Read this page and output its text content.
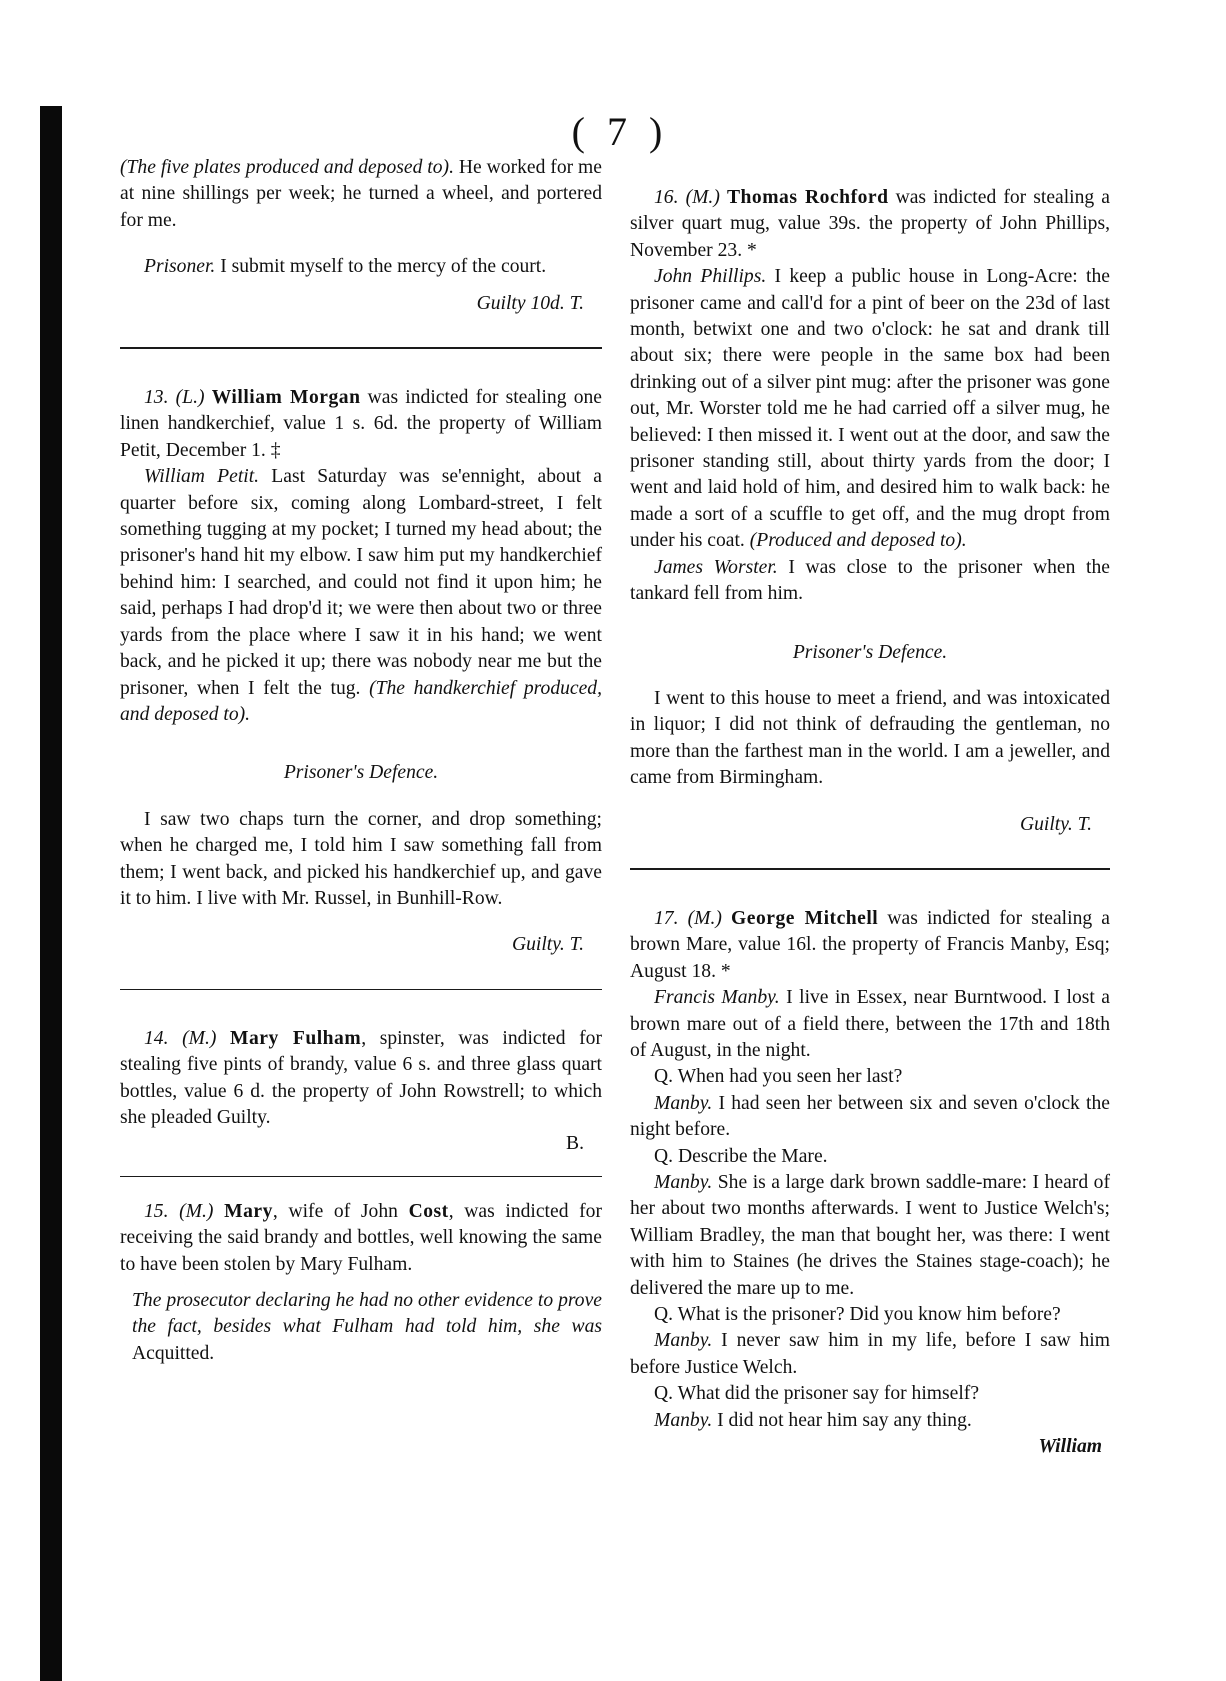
( 7 )

(The five plates produced and deposed to). He worked for me at nine shillings per week; he turned a wheel, and portered for me.

Prisoner. I submit myself to the mercy of the court.

Guilty 10d. T.

13. (L.) William Morgan was indicted for stealing one linen handkerchief, value 1 s. 6d. the property of William Petit, December 1. ‡

William Petit. Last Saturday was se'ennight, about a quarter before six, coming along Lombard-street, I felt something tugging at my pocket; I turned my head about; the prisoner's hand hit my elbow. I saw him put my handkerchief behind him: I searched, and could not find it upon him; he said, perhaps I had drop'd it; we were then about two or three yards from the place where I saw it in his hand; we went back, and he picked it up; there was nobody near me but the prisoner, when I felt the tug. (The handkerchief produced, and deposed to).

Prisoner's Defence.

I saw two chaps turn the corner, and drop something; when he charged me, I told him I saw something fall from them; I went back, and picked his handkerchief up, and gave it to him. I live with Mr. Russel, in Bunhill-Row.

Guilty. T.

14. (M.) Mary Fulham, spinster, was indicted for stealing five pints of brandy, value 6 s. and three glass quart bottles, value 6 d. the property of John Rowstrell; to which she pleaded Guilty.

B.

15. (M.) Mary, wife of John Cost, was indicted for receiving the said brandy and bottles, well knowing the same to have been stolen by Mary Fulham.

The prosecutor declaring he had no other evidence to prove the fact, besides what Fulham had told him, she was Acquitted.

16. (M.) Thomas Rochford was indicted for stealing a silver quart mug, value 39s. the property of John Phillips, November 23. *

John Phillips. I keep a public house in Long-Acre: the prisoner came and call'd for a pint of beer on the 23d of last month, betwixt one and two o'clock: he sat and drank till about six; there were people in the same box had been drinking out of a silver pint mug: after the prisoner was gone out, Mr. Worster told me he had carried off a silver mug, he believed: I then missed it. I went out at the door, and saw the prisoner standing still, about thirty yards from the door; I went and laid hold of him, and desired him to walk back: he made a sort of a scuffle to get off, and the mug dropt from under his coat. (Produced and deposed to).

James Worster. I was close to the prisoner when the tankard fell from him.

Prisoner's Defence.

I went to this house to meet a friend, and was intoxicated in liquor; I did not think of defrauding the gentleman, no more than the farthest man in the world. I am a jeweller, and came from Birmingham.

Guilty. T.

17. (M.) George Mitchell was indicted for stealing a brown Mare, value 16l. the property of Francis Manby, Esq; August 18. *

Francis Manby. I live in Essex, near Burntwood. I lost a brown mare out of a field there, between the 17th and 18th of August, in the night.

Q. When had you seen her last?

Manby. I had seen her between six and seven o'clock the night before.

Q. Describe the Mare.

Manby. She is a large dark brown saddle-mare: I heard of her about two months afterwards. I went to Justice Welch's; William Bradley, the man that bought her, was there: I went with him to Staines (he drives the Staines stage-coach); he delivered the mare up to me.

Q. What is the prisoner? Did you know him before?

Manby. I never saw him in my life, before I saw him before Justice Welch.

Q. What did the prisoner say for himself?

Manby. I did not hear him say any thing.

William
